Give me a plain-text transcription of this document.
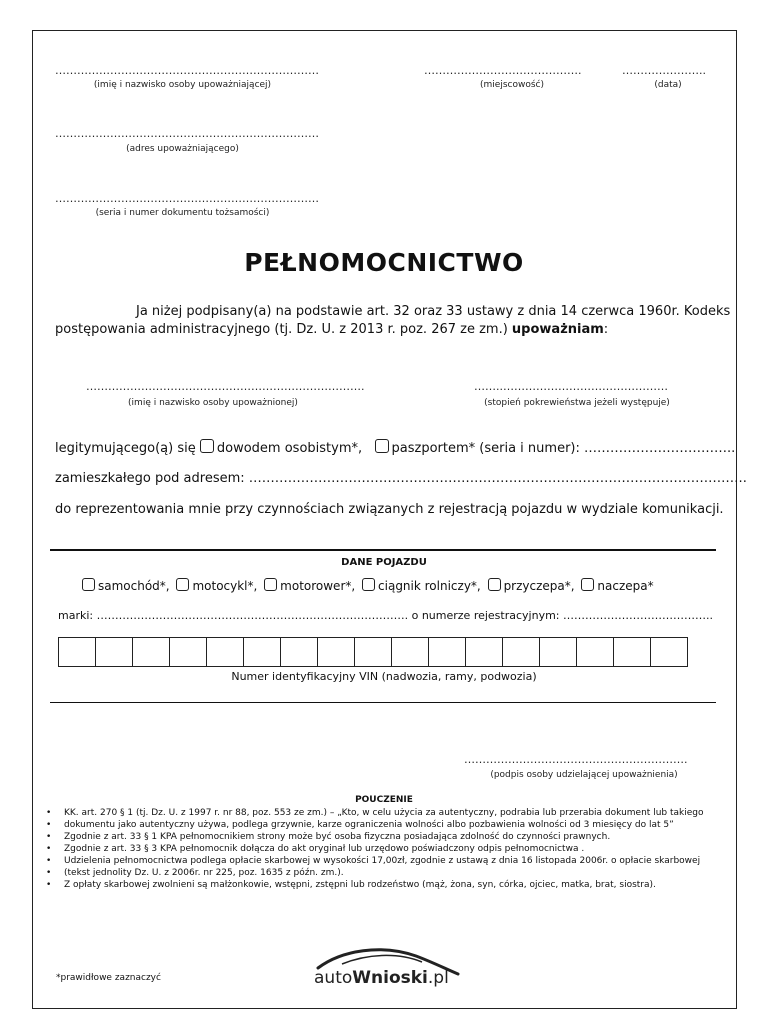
………………………………………………………………
(imię i nazwisko osoby upoważniającej)
…………………………………….
(miejscowość)
…………………..
(data)
………………………………………………………………
(adres upoważniającego)
………………………………………………………………
(seria i numer dokumentu tożsamości)
PEŁNOMOCNICTWO
Ja niżej podpisany(a) na podstawie art. 32 oraz 33 ustawy z dnia 14 czerwca 1960r. Kodeks
postępowania administracyjnego (tj. Dz. U. z 2013 r. poz. 267 ze zm.) upoważniam:
………………………………………………………………….
(imię i nazwisko osoby upoważnionej)
……..………………………………………
(stopień pokrewieństwa jeżeli występuje)
legitymującego(ą) się dowodem osobistym*, paszportem* (seria i numer): ……………………………..
zamieszkałego pod adresem: …………………………………………………………………………………………………….
do reprezentowania mnie przy czynnościach związanych z rejestracją pojazdu w wydziale komunikacji.
DANE POJAZDU
samochód*, motocykl*, motorower*, ciągnik rolniczy*, przyczepa*, naczepa*
marki: …………………………………………………………………………. o numerze rejestracyjnym: …………………………………..
Numer identyfikacyjny VIN (nadwozia, ramy, podwozia)
…………………………………………………….
(podpis osoby udzielającej upoważnienia)
POUCZENIE
• KK. art. 270 § 1 (tj. Dz. U. z 1997 r. nr 88, poz. 553 ze zm.) – „Kto, w celu użycia za autentyczny, podrabia lub przerabia dokument lub takiego
• dokumentu jako autentyczny używa, podlega grzywnie, karze ograniczenia wolności albo pozbawienia wolności od 3 miesięcy do lat 5”
• Zgodnie z art. 33 § 1 KPA pełnomocnikiem strony może być osoba fizyczna posiadająca zdolność do czynności prawnych.
• Zgodnie z art. 33 § 3 KPA pełnomocnik dołącza do akt oryginał lub urzędowo poświadczony odpis pełnomocnictwa .
• Udzielenia pełnomocnictwa podlega opłacie skarbowej w wysokości 17,00zł, zgodnie z ustawą z dnia 16 listopada 2006r. o opłacie skarbowej
• (tekst jednolity Dz. U. z 2006r. nr 225, poz. 1635 z późn. zm.).
• Z opłaty skarbowej zwolnieni są małżonkowie, wstępni, zstępni lub rodzeństwo (mąż, żona, syn, córka, ojciec, matka, brat, siostra).
*prawidłowe zaznaczyć	autoWnioski.pl
